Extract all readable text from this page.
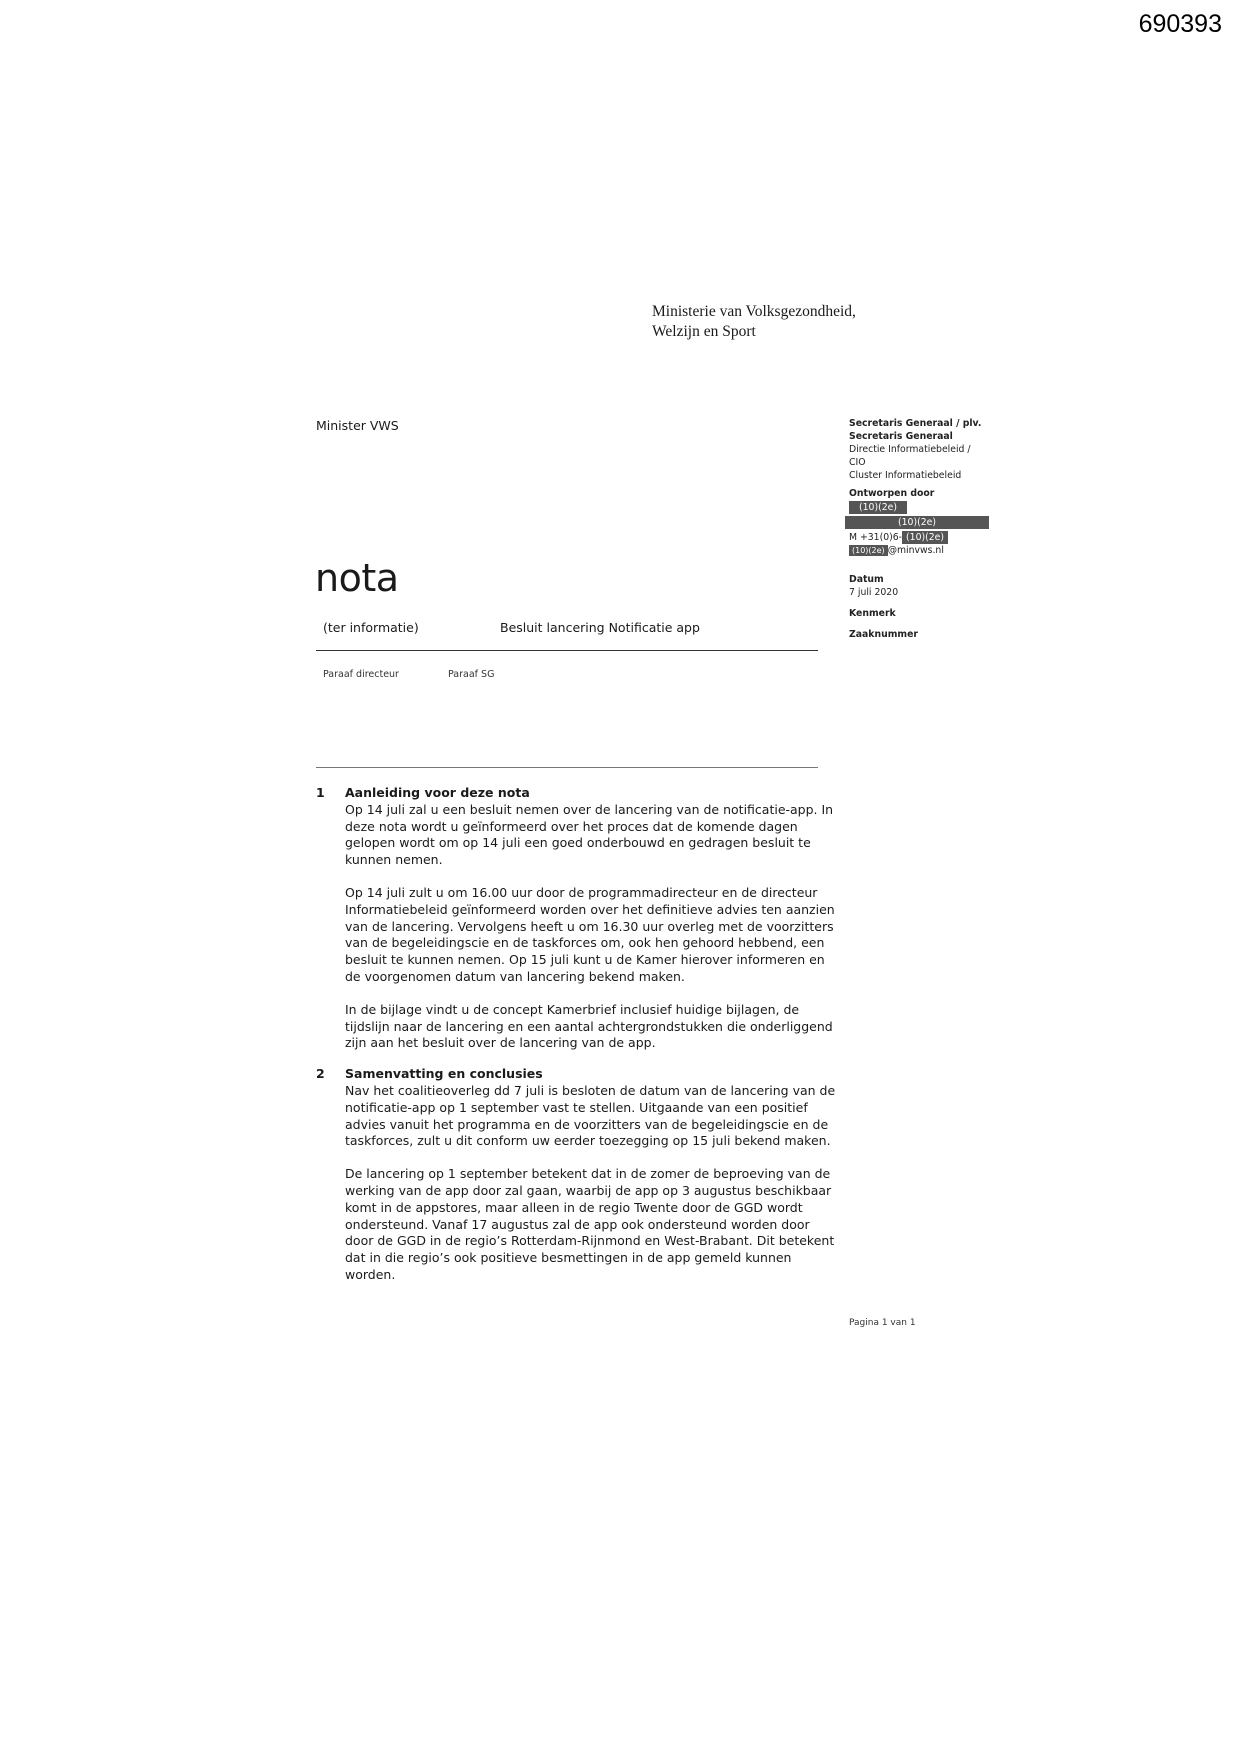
690393
Ministerie van Volksgezondheid,
Welzijn en Sport
Minister VWS
nota
(ter informatie)	Besluit lancering Notificatie app
Paraaf directeur	Paraaf SG
Secretaris Generaal / plv.
Secretaris Generaal
Directie Informatiebeleid /
CIO
Cluster Informatiebeleid
Ontworpen door
(10)(2e)
(10)(2e)
M +31(0)6- (10)(2e)
(10)(2e) @minvws.nl
Datum
7 juli 2020
Kenmerk
Zaaknummer
1 Aanleiding voor deze nota

Op 14 juli zal u een besluit nemen over de lancering van de notificatie-app. In deze nota wordt u geïnformeerd over het proces dat de komende dagen gelopen wordt om op 14 juli een goed onderbouwd en gedragen besluit te kunnen nemen.

Op 14 juli zult u om 16.00 uur door de programmadirecteur en de directeur Informatiebeleid geïnformeerd worden over het definitieve advies ten aanzien van de lancering. Vervolgens heeft u om 16.30 uur overleg met de voorzitters van de begeleidingscie en de taskforces om, ook hen gehoord hebbend, een besluit te kunnen nemen. Op 15 juli kunt u de Kamer hierover informeren en de voorgenomen datum van lancering bekend maken.

In de bijlage vindt u de concept Kamerbrief inclusief huidige bijlagen, de tijdslijn naar de lancering en een aantal achtergrondstukken die onderliggend zijn aan het besluit over de lancering van de app.

2 Samenvatting en conclusies

Nav het coalitieoverleg dd 7 juli is besloten de datum van de lancering van de notificatie-app op 1 september vast te stellen. Uitgaande van een positief advies vanuit het programma en de voorzitters van de begeleidingscie en de taskforces, zult u dit conform uw eerder toezegging op 15 juli bekend maken.

De lancering op 1 september betekent dat in de zomer de beproeving van de werking van de app door zal gaan, waarbij de app op 3 augustus beschikbaar komt in de appstores, maar alleen in de regio Twente door de GGD wordt ondersteund. Vanaf 17 augustus zal de app ook ondersteund worden door door de GGD in de regio’s Rotterdam-Rijnmond en West-Brabant. Dit betekent dat in die regio’s ook positieve besmettingen in de app gemeld kunnen worden.

Pagina 1 van 1
